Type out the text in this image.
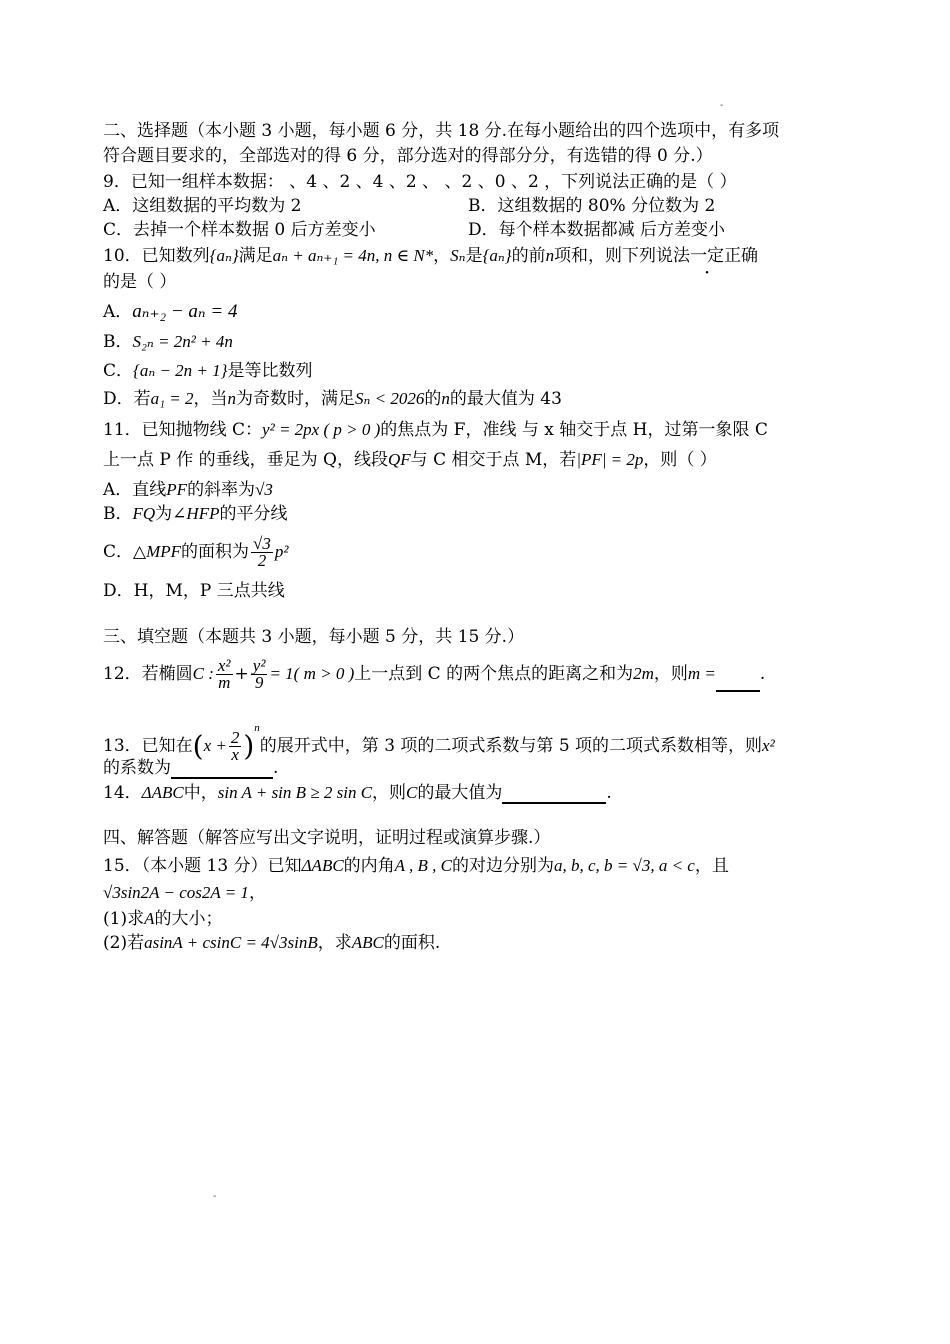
-
二、选择题（本小题 3 小题，每小题 6 分，共 18 分.在每小题给出的四个选项中，有多项
符合题目要求的，全部选对的得 6 分，部分选对的得部分分，有选错的得 0 分.）
9．已知一组样本数据： 、4 、2 、4 、2 、 、2 、0 、2 ，下列说法正确的是（ ）
A．这组数据的平均数为 2	B．这组数据的 80% 分位数为 2
C．去掉一个样本数据 0 后方差变小	D．每个样本数据都减 后方差变小
10．已知数列{aₙ}满足aₙ + aₙ₊₁ = 4n, n ∈ N*，Sₙ是{aₙ}的前n项和，则下列说法一定正确
的是（ ）
A．aₙ₊₂ − aₙ = 4
B．S₂ₙ = 2n² + 4n
C．{aₙ − 2n + 1}是等比数列
D．若a₁ = 2，当n为奇数时，满足Sₙ < 2026的n的最大值为 43
11．已知抛物线 C：y² = 2px ( p > 0 )的焦点为 F，准线 与 x 轴交于点 H，过第一象限 C
上一点 P 作 的垂线，垂足为 Q，线段QF与 C 相交于点 M，若|PF| = 2p，则（ ）
A．直线PF的斜率为√3
B．FQ为∠HFP的平分线
C．△MPF的面积为 $\frac{√3}{2} p^2$
D．H，M，P 三点共线
三、填空题（本题共 3 小题，每小题 5 分，共 15 分.）
12．若椭圆C : $\frac{\text{x²}}{m} + \frac{\text{y²}}{9} = 1$( m > 0 )上一点到 C 的两个焦点的距离之和为2m，则m =	.
13．已知在$(x + \frac{2}{x} )^n$的展开式中，第 3 项的二项式系数与第 5 项的二项式系数相等，则x²
的系数为	.
14．ΔABC中，sin A + sin B ≥ 2 sin C，则C的最大值为	.
四、解答题（解答应写出文字说明，证明过程或演算步骤.）
15．（本小题 13 分）已知ΔABC的内角A , B , C的对边分别为a, b, c, b = √3, a < c，且
√3sin2A − cos2A = 1，
(1)求A的大小；
(2)若asinA + csinC = 4√3sinB，求ABC的面积.
-
